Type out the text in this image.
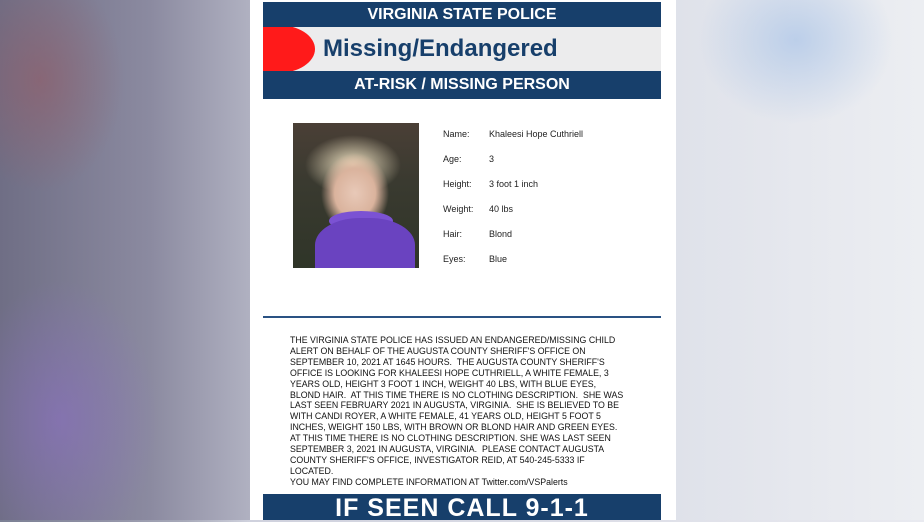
VIRGINIA STATE POLICE
Missing/Endangered
AT-RISK / MISSING PERSON
Name: Khaleesi Hope Cuthriell
Age:	3
Height: 3 foot 1 inch
Weight: 40 lbs
Hair:	Blond
Eyes:	Blue
THE VIRGINIA STATE POLICE HAS ISSUED AN ENDANGERED/MISSING CHILD
ALERT ON BEHALF OF THE AUGUSTA COUNTY SHERIFF'S OFFICE ON
SEPTEMBER 10, 2021 AT 1645 HOURS.  THE AUGUSTA COUNTY SHERIFF'S
OFFICE IS LOOKING FOR KHALEESI HOPE CUTHRIELL, A WHITE FEMALE, 3
YEARS OLD, HEIGHT 3 FOOT 1 INCH, WEIGHT 40 LBS, WITH BLUE EYES,
BLOND HAIR.  AT THIS TIME THERE IS NO CLOTHING DESCRIPTION.  SHE WAS
LAST SEEN FEBRUARY 2021 IN AUGUSTA, VIRGINIA.  SHE IS BELIEVED TO BE
WITH CANDI ROYER, A WHITE FEMALE, 41 YEARS OLD, HEIGHT 5 FOOT 5
INCHES, WEIGHT 150 LBS, WITH BROWN OR BLOND HAIR AND GREEN EYES.
AT THIS TIME THERE IS NO CLOTHING DESCRIPTION. SHE WAS LAST SEEN
SEPTEMBER 3, 2021 IN AUGUSTA, VIRGINIA.  PLEASE CONTACT AUGUSTA
COUNTY SHERIFF'S OFFICE, INVESTIGATOR REID, AT 540-245-5333 IF
LOCATED.
YOU MAY FIND COMPLETE INFORMATION AT Twitter.com/VSPalerts
IF SEEN CALL 9-1-1
